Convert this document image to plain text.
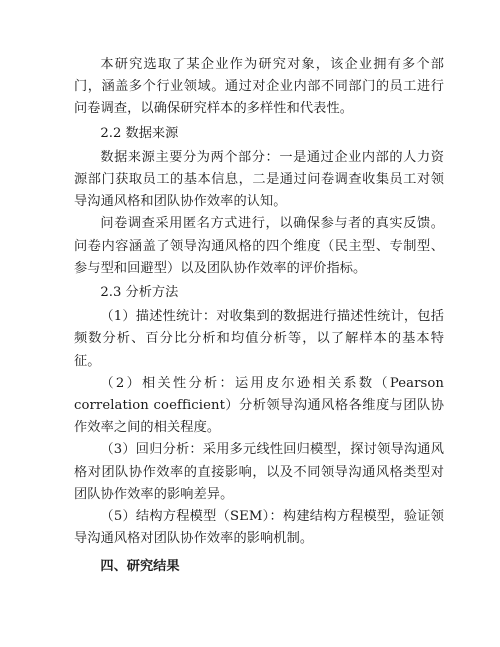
本研究选取了某企业作为研究对象，该企业拥有多个部门，涵盖多个行业领域。通过对企业内部不同部门的员工进行问卷调查，以确保研究样本的多样性和代表性。

2.2 数据来源

数据来源主要分为两个部分：一是通过企业内部的人力资源部门获取员工的基本信息，二是通过问卷调查收集员工对领导沟通风格和团队协作效率的认知。

问卷调查采用匿名方式进行，以确保参与者的真实反馈。问卷内容涵盖了领导沟通风格的四个维度（民主型、专制型、参与型和回避型）以及团队协作效率的评价指标。

2.3 分析方法

（1）描述性统计：对收集到的数据进行描述性统计，包括频数分析、百分比分析和均值分析等，以了解样本的基本特征。

（2）相关性分析：运用皮尔逊相关系数（Pearson correlation coefficient）分析领导沟通风格各维度与团队协作效率之间的相关程度。

（3）回归分析：采用多元线性回归模型，探讨领导沟通风格对团队协作效率的直接影响，以及不同领导沟通风格类型对团队协作效率的影响差异。

（5）结构方程模型（SEM）：构建结构方程模型，验证领导沟通风格对团队协作效率的影响机制。

四、研究结果
